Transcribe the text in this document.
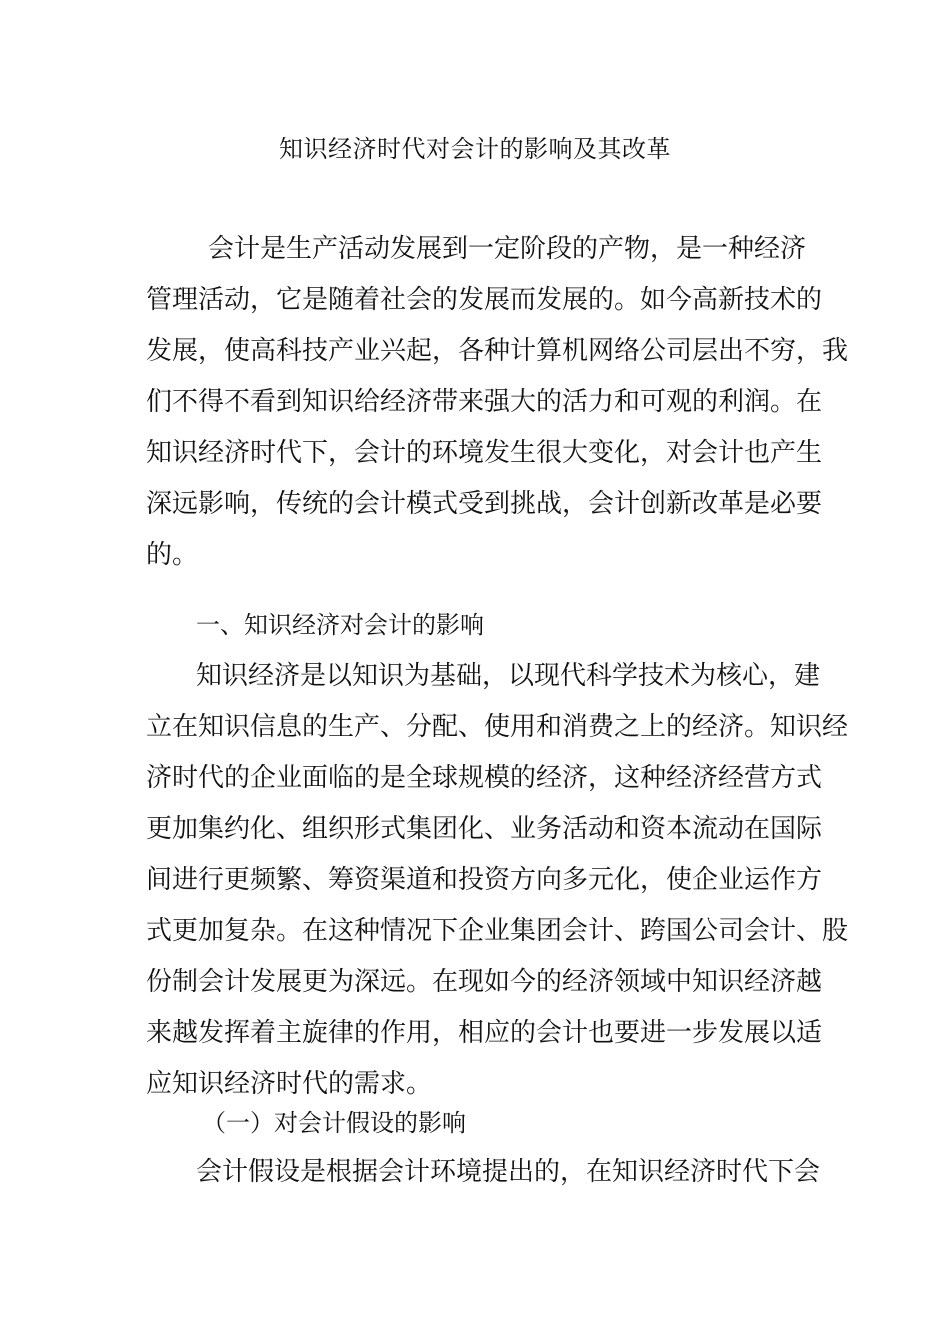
知识经济时代对会计的影响及其改革
会计是生产活动发展到一定阶段的产物，是一种经济
管理活动，它是随着社会的发展而发展的。如今高新技术的
发展，使高科技产业兴起，各种计算机网络公司层出不穷，我
们不得不看到知识给经济带来强大的活力和可观的利润。在
知识经济时代下，会计的环境发生很大变化，对会计也产生
深远影响，传统的会计模式受到挑战，会计创新改革是必要
的。
一、知识经济对会计的影响
知识经济是以知识为基础，以现代科学技术为核心，建
立在知识信息的生产、分配、使用和消费之上的经济。知识经
济时代的企业面临的是全球规模的经济，这种经济经营方式
更加集约化、组织形式集团化、业务活动和资本流动在国际
间进行更频繁、筹资渠道和投资方向多元化，使企业运作方
式更加复杂。在这种情况下企业集团会计、跨国公司会计、股
份制会计发展更为深远。在现如今的经济领域中知识经济越
来越发挥着主旋律的作用，相应的会计也要进一步发展以适
应知识经济时代的需求。
（一）对会计假设的影响
会计假设是根据会计环境提出的，在知识经济时代下会
